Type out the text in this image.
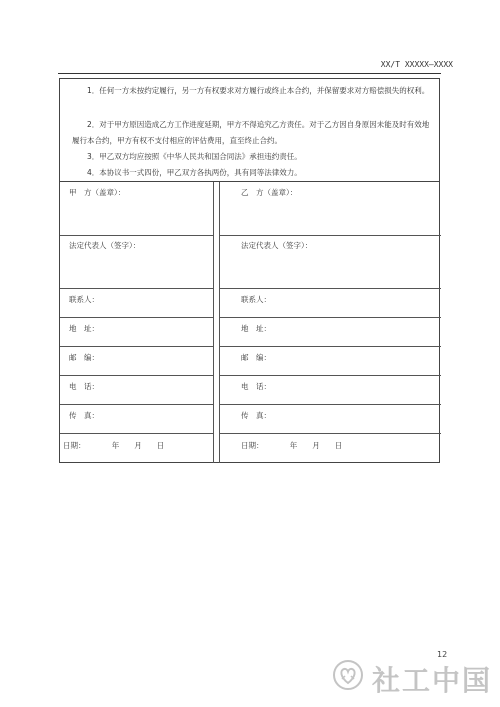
XX/T XXXXX—XXXX

1．任何一方未按约定履行，另一方有权要求对方履行或终止本合约，并保留要求对方赔偿损失的权利。

2．对于甲方原因造成乙方工作进度延期，甲方不得追究乙方责任。对于乙方因自身原因未能及时有效地履行本合约，甲方有权不支付相应的评估费用，直至终止合约。

3．甲乙双方均应按照《中华人民共和国合同法》承担违约责任。

4．本协议书一式四份，甲乙双方各执两份，具有同等法律效力。

甲　方（盖章）：
法定代表人（签字）：
联系人：
地　址：
邮　编：
电　话：
传　真：
日期：　　　　年　　月　　日
乙　方（盖章）：
法定代表人（签字）：
联系人：
地　址：
邮　编：
电　话：
传　真：
日期：　　　　年　　月　　日
12
社工中国
